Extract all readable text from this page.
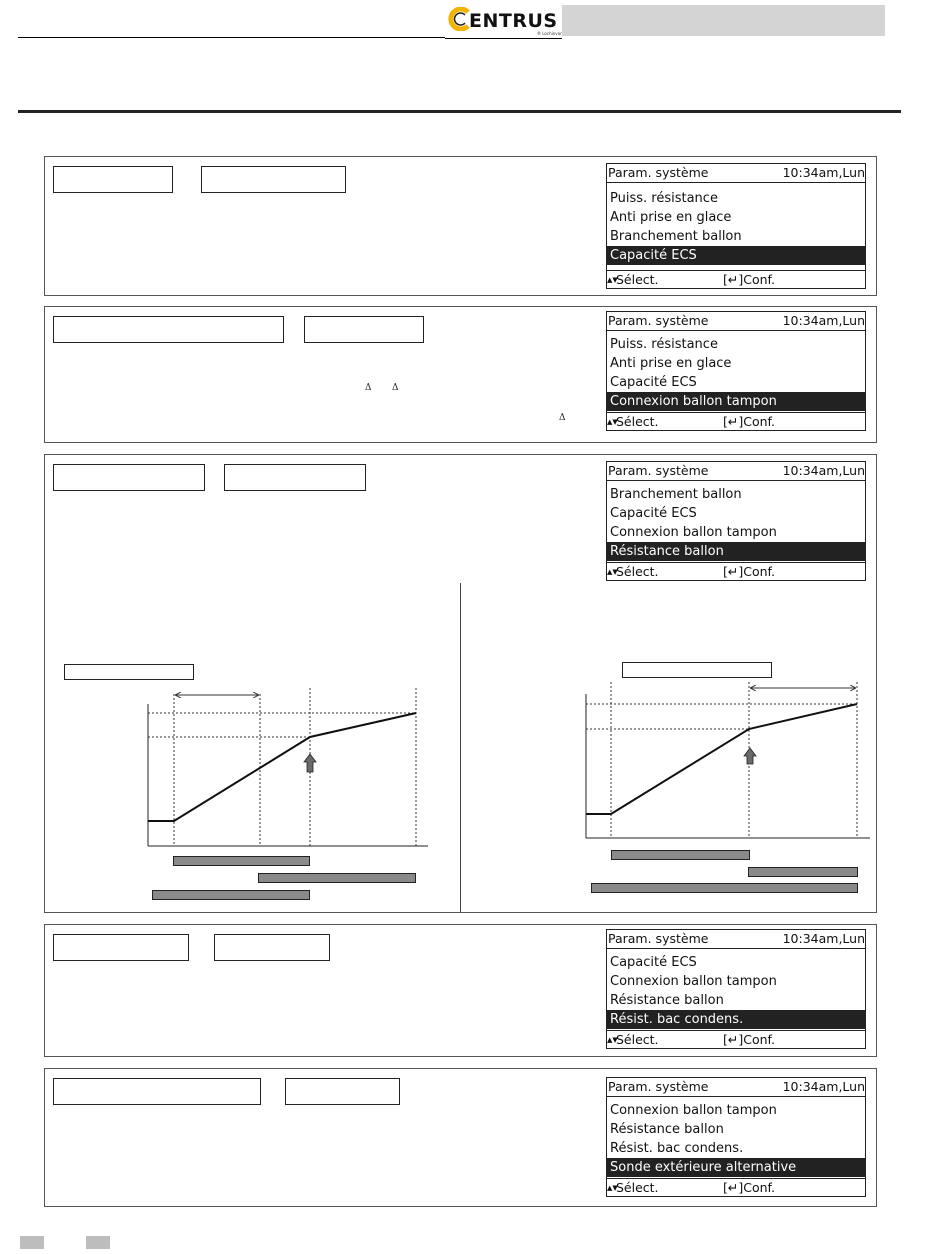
ENTRUS
® Lochinvar
Δ Δ
Δ
Param. système	10:34am,Lun
Puiss. résistance
Anti prise en glace
Branchement ballon
Capacité ECS
▲▼Sélect.	[↵]Conf.
Param. système	10:34am,Lun
Puiss. résistance
Anti prise en glace
Capacité ECS
Connexion ballon tampon
▲▼Sélect.	[↵]Conf.
Param. système	10:34am,Lun
Branchement ballon
Capacité ECS
Connexion ballon tampon
Résistance ballon
▲▼Sélect.	[↵]Conf.
Param. système	10:34am,Lun
Capacité ECS
Connexion ballon tampon
Résistance ballon
Résist. bac condens.
▲▼Sélect.	[↵]Conf.
Param. système	10:34am,Lun
Connexion ballon tampon
Résistance ballon
Résist. bac condens.
Sonde extérieure alternative
▲▼Sélect.	[↵]Conf.
